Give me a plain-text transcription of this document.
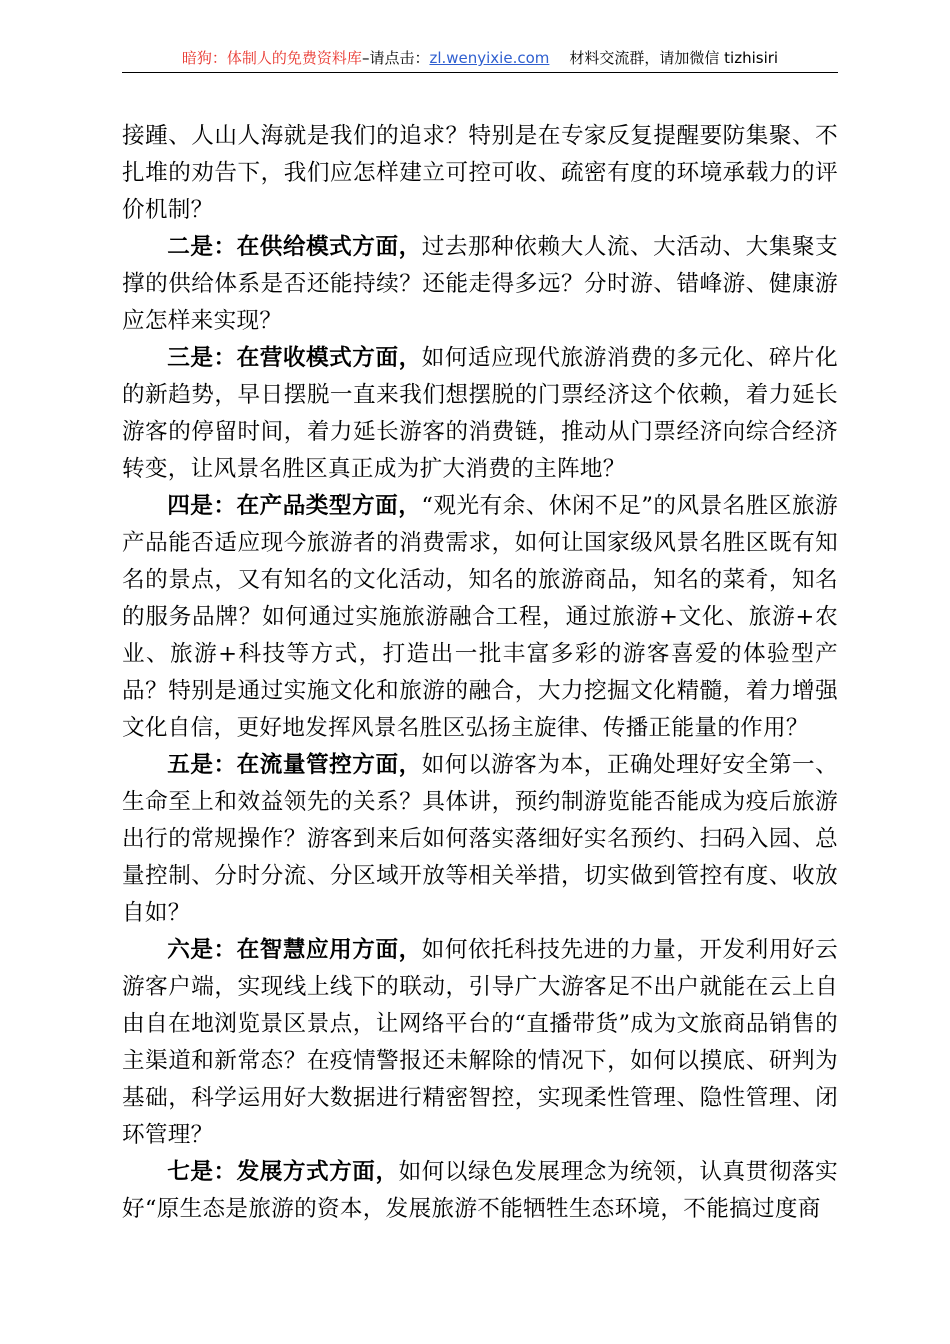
暗狗：体制人的免费资料库–请点击：zl.wenyixie.com 材料交流群，请加微信 tizhisiri

接踵、人山人海就是我们的追求？特别是在专家反复提醒要防集聚、不扎堆的劝告下，我们应怎样建立可控可收、疏密有度的环境承载力的评价机制？

二是：在供给模式方面，过去那种依赖大人流、大活动、大集聚支撑的供给体系是否还能持续？还能走得多远？分时游、错峰游、健康游应怎样来实现？

三是：在营收模式方面，如何适应现代旅游消费的多元化、碎片化的新趋势，早日摆脱一直来我们想摆脱的门票经济这个依赖，着力延长游客的停留时间，着力延长游客的消费链，推动从门票经济向综合经济转变，让风景名胜区真正成为扩大消费的主阵地？

四是：在产品类型方面，“观光有余、休闲不足”的风景名胜区旅游产品能否适应现今旅游者的消费需求，如何让国家级风景名胜区既有知名的景点，又有知名的文化活动，知名的旅游商品，知名的菜肴，知名的服务品牌？如何通过实施旅游融合工程，通过旅游+文化、旅游+农业、旅游+科技等方式，打造出一批丰富多彩的游客喜爱的体验型产品？特别是通过实施文化和旅游的融合，大力挖掘文化精髓，着力增强文化自信，更好地发挥风景名胜区弘扬主旋律、传播正能量的作用？

五是：在流量管控方面，如何以游客为本，正确处理好安全第一、生命至上和效益领先的关系？具体讲，预约制游览能否能成为疫后旅游出行的常规操作？游客到来后如何落实落细好实名预约、扫码入园、总量控制、分时分流、分区域开放等相关举措，切实做到管控有度、收放自如？

六是：在智慧应用方面，如何依托科技先进的力量，开发利用好云游客户端，实现线上线下的联动，引导广大游客足不出户就能在云上自由自在地浏览景区景点，让网络平台的“直播带货”成为文旅商品销售的主渠道和新常态？在疫情警报还未解除的情况下，如何以摸底、研判为基础，科学运用好大数据进行精密智控，实现柔性管理、隐性管理、闭环管理？

七是：发展方式方面，如何以绿色发展理念为统领，认真贯彻落实好“原生态是旅游的资本，发展旅游不能牺牲生态环境，不能搞过度商
